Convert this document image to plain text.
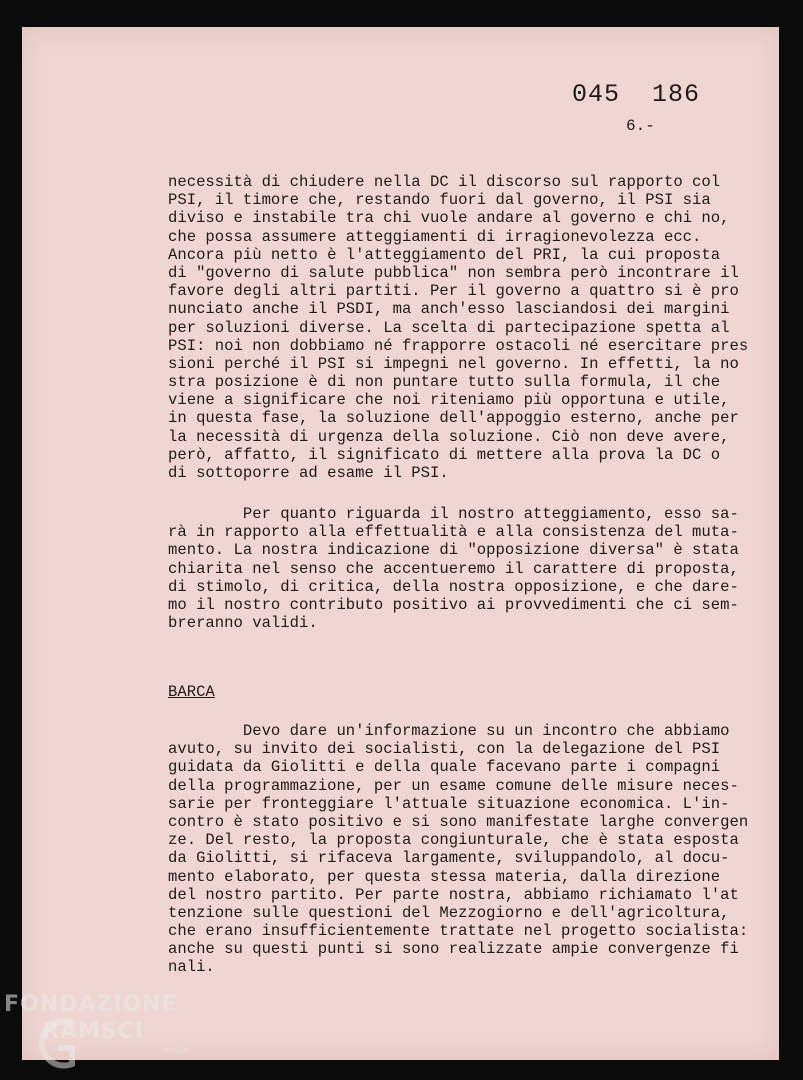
045  186
6.-
necessità di chiudere nella DC il discorso sul rapporto col
PSI, il timore che, restando fuori dal governo, il PSI sia
diviso e instabile tra chi vuole andare al governo e chi no,
che possa assumere atteggiamenti di irragionevolezza ecc.
Ancora più netto è l'atteggiamento del PRI, la cui proposta
di "governo di salute pubblica" non sembra però incontrare il
favore degli altri partiti. Per il governo a quattro si è pro
nunciato anche il PSDI, ma anch'esso lasciandosi dei margini
per soluzioni diverse. La scelta di partecipazione spetta al
PSI: noi non dobbiamo né frapporre ostacoli né esercitare pres
sioni perché il PSI si impegni nel governo. In effetti, la no
stra posizione è di non puntare tutto sulla formula, il che
viene a significare che noi riteniamo più opportuna e utile,
in questa fase, la soluzione dell'appoggio esterno, anche per
la necessità di urgenza della soluzione. Ciò non deve avere,
però, affatto, il significato di mettere alla prova la DC o
di sottoporre ad esame il PSI.
Per quanto riguarda il nostro atteggiamento, esso sa-
rà in rapporto alla effettualità e alla consistenza del muta-
mento. La nostra indicazione di "opposizione diversa" è stata
chiarita nel senso che accentueremo il carattere di proposta,
di stimolo, di critica, della nostra opposizione, e che dare-
mo il nostro contributo positivo ai provvedimenti che ci sem-
breranno validi.
BARCA
Devo dare un'informazione su un incontro che abbiamo
avuto, su invito dei socialisti, con la delegazione del PSI
guidata da Giolitti e della quale facevano parte i compagni
della programmazione, per un esame comune delle misure neces-
sarie per fronteggiare l'attuale situazione economica. L'in-
contro è stato positivo e si sono manifestate larghe convergen
ze. Del resto, la proposta congiunturale, che è stata esposta
da Giolitti, si rifaceva largamente, sviluppandolo, al docu-
mento elaborato, per questa stessa materia, dalla direzione
del nostro partito. Per parte nostra, abbiamo richiamato l'at
tenzione sulle questioni del Mezzogiorno e dell'agricoltura,
che erano insufficientemente trattate nel progetto socialista:
anche su questi punti si sono realizzate ampie convergenze fi
nali.
FONDAZIONE
RAMSCI
onlus
